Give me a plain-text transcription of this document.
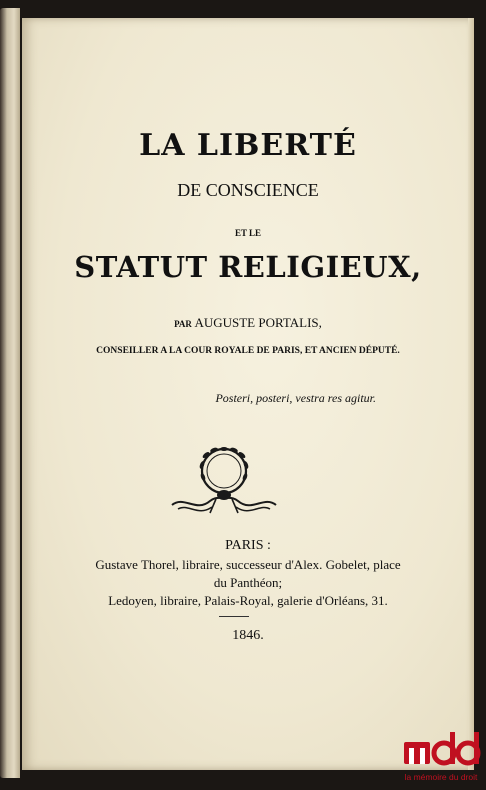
LA LIBERTÉ
DE CONSCIENCE
ET LE
STATUT RELIGIEUX,
PAR AUGUSTE PORTALIS,
CONSEILLER A LA COUR ROYALE DE PARIS, ET ANCIEN DÉPUTÉ.
Posteri, posteri, vestra res agitur.
PARIS :
Gustave Thorel, libraire, successeur d'Alex. Gobelet, place
du Panthéon;
Ledoyen, libraire, Palais-Royal, galerie d'Orléans, 31.
1846.
la mémoire du droit
